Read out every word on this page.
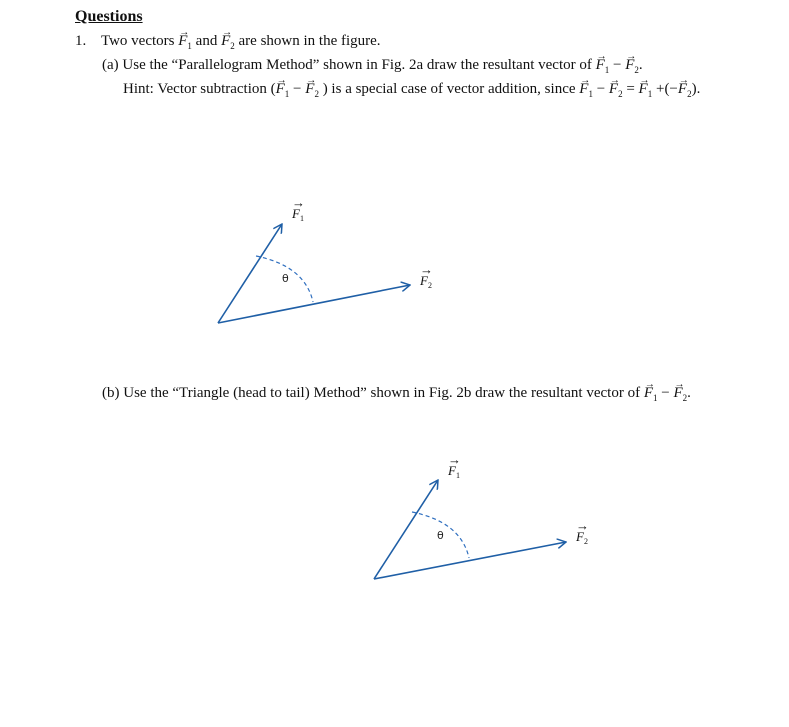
Questions
1. Two vectors → $F_1$ and → $F_2$ are shown in the figure.
(a) Use the “Parallelogram Method” shown in Fig. 2a draw the resultant vector of → $F_1$ − → $F_2$.
Hint: Vector subtraction (→ $F_1$ − → $F_2$ ) is a special case of vector addition, since → $F_1$ − → $F_2$ = → $F_1$ +(−→ $F_2$).
θ
$F_1$
→
$F_2$
→
(b) Use the “Triangle (head to tail) Method” shown in Fig. 2b draw the resultant vector of → $F_1$ − → $F_2$.
θ
$F_1$
→
$F_2$
→
